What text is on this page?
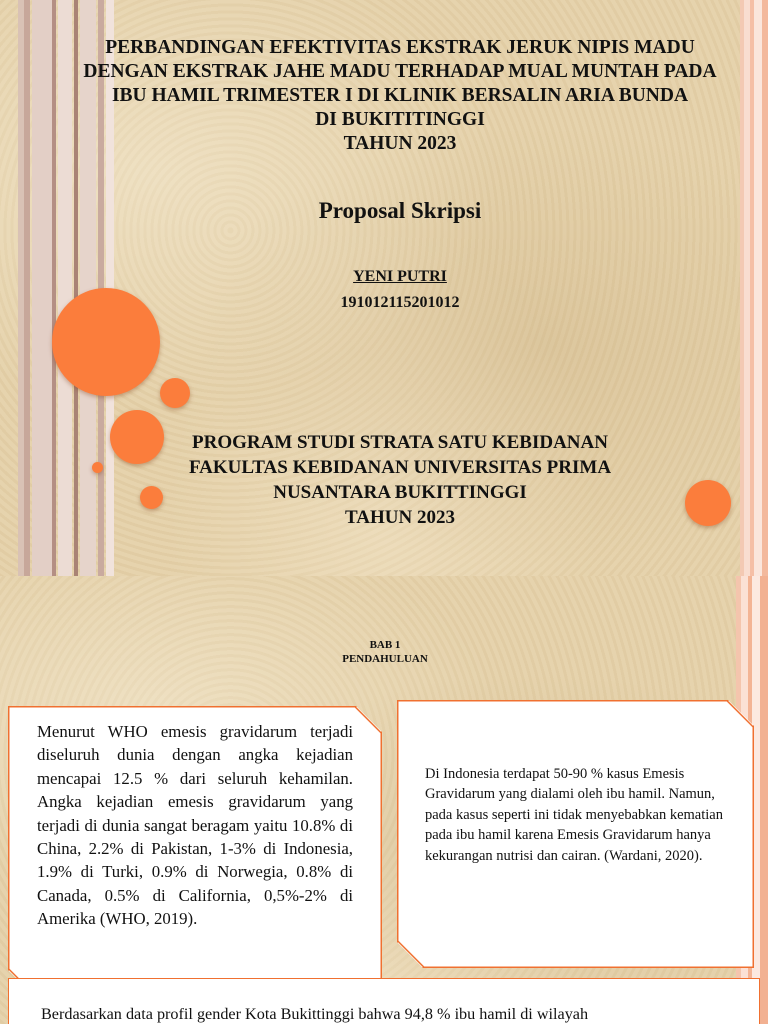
PERBANDINGAN EFEKTIVITAS EKSTRAK JERUK NIPIS MADU
DENGAN EKSTRAK JAHE MADU TERHADAP MUAL MUNTAH PADA
IBU HAMIL TRIMESTER I DI KLINIK BERSALIN ARIA BUNDA
DI BUKITITINGGI
TAHUN 2023
Proposal Skripsi
YENI PUTRI
191012115201012
PROGRAM STUDI STRATA SATU KEBIDANAN
FAKULTAS KEBIDANAN UNIVERSITAS PRIMA
NUSANTARA BUKITTINGGI
TAHUN 2023
BAB 1
PENDAHULUAN
Menurut WHO emesis gravidarum terjadi diseluruh dunia dengan angka kejadian mencapai 12.5 % dari seluruh kehamilan. Angka kejadian emesis gravidarum yang terjadi di dunia sangat beragam yaitu 10.8% di China, 2.2% di Pakistan, 1-3% di Indonesia, 1.9% di Turki, 0.9% di Norwegia, 0.8% di Canada, 0.5% di California, 0,5%-2% di Amerika (WHO, 2019).
Di Indonesia terdapat 50-90 % kasus Emesis Gravidarum yang dialami oleh ibu hamil. Namun, pada kasus seperti ini tidak menyebabkan kematian pada ibu hamil karena Emesis Gravidarum hanya kekurangan nutrisi dan cairan. (Wardani, 2020).
Berdasarkan data profil gender Kota Bukittinggi bahwa 94,8 % ibu hamil di wilayah
